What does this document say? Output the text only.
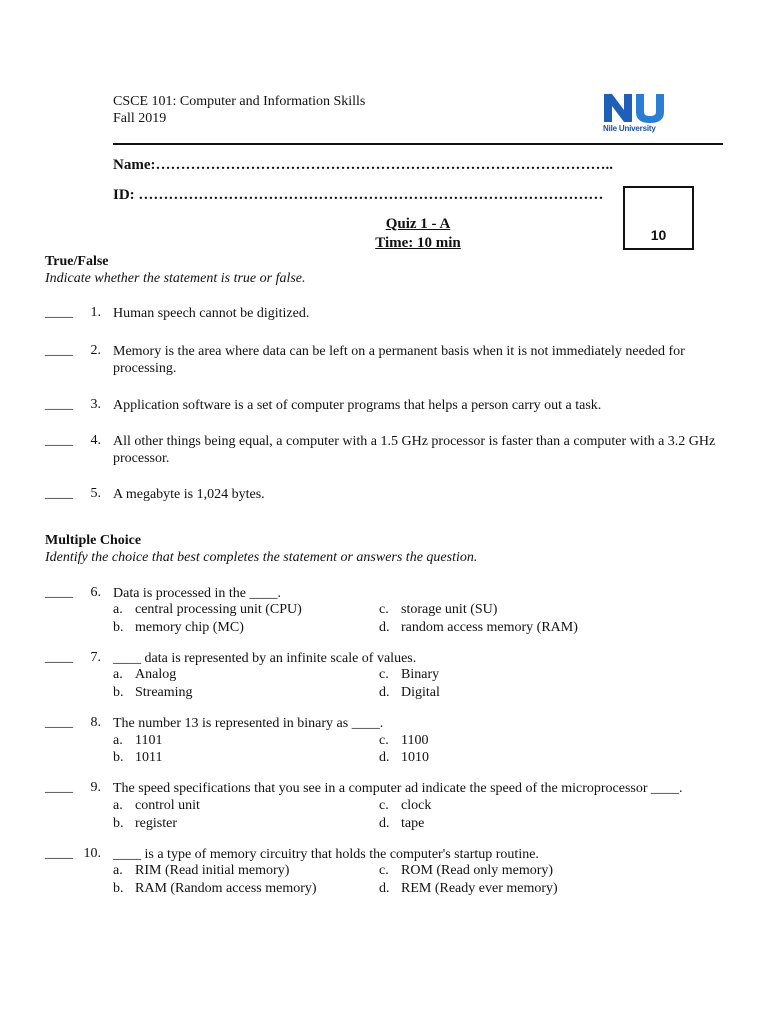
CSCE 101: Computer and Information Skills
Fall 2019
Nile University
Name:………………………………………………………………………………..
ID: …………………………………………………………………………………
10
Quiz 1 - A
Time: 10 min
True/False
Indicate whether the statement is true or false.
____	1. Human speech cannot be digitized.
____	2. Memory is the area where data can be left on a permanent basis when it is not immediately needed for
processing.
____	3. Application software is a set of computer programs that helps a person carry out a task.
____	4. All other things being equal, a computer with a 1.5 GHz processor is faster than a computer with a 3.2 GHz
processor.
____	5. A megabyte is 1,024 bytes.
Multiple Choice
Identify the choice that best completes the statement or answers the question.
____	6. Data is processed in the ____.
a. central processing unit (CPU)
b. memory chip (MC)
c. storage unit (SU)
d. random access memory (RAM)
____	7. ____ data is represented by an infinite scale of values.
a. Analog
b. Streaming
c. Binary
d. Digital
____	8. The number 13 is represented in binary as ____.
a. 1101
b. 1011
c. 1100
d. 1010
____	9. The speed specifications that you see in a computer ad indicate the speed of the microprocessor ____.
a. control unit
b. register
c. clock
d. tape
____ 10. ____ is a type of memory circuitry that holds the computer's startup routine.
a. RIM (Read initial memory)
b. RAM (Random access memory)
c. ROM (Read only memory)
d. REM (Ready ever memory)
